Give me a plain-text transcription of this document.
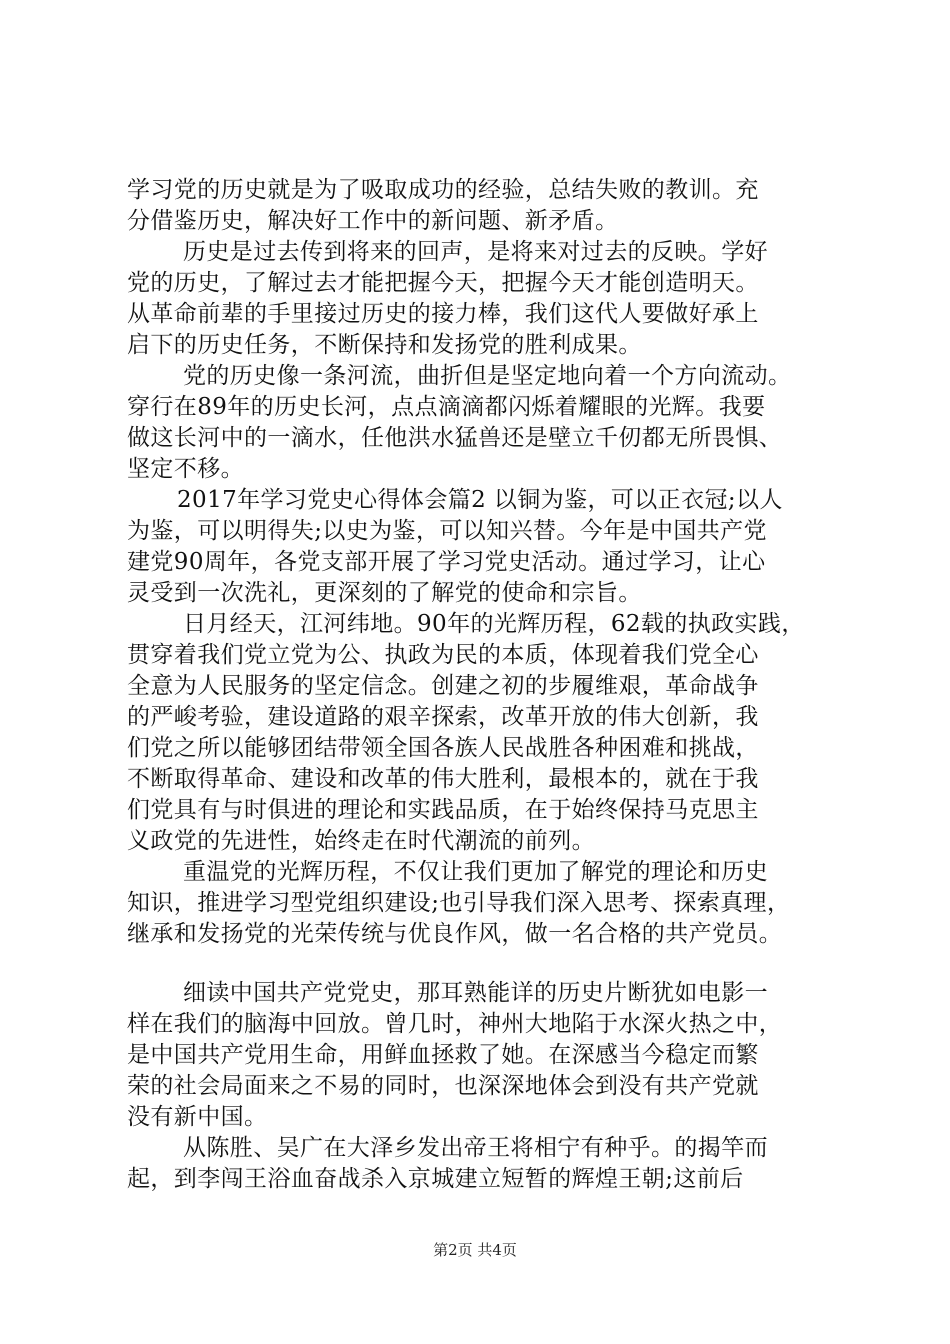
学习党的历史就是为了吸取成功的经验，总结失败的教训。充

分借鉴历史，解决好工作中的新问题、新矛盾。

历史是过去传到将来的回声，是将来对过去的反映。学好

党的历史，了解过去才能把握今天，把握今天才能创造明天。

从革命前辈的手里接过历史的接力棒，我们这代人要做好承上

启下的历史任务，不断保持和发扬党的胜利成果。

党的历史像一条河流，曲折但是坚定地向着一个方向流动。

穿行在89年的历史长河，点点滴滴都闪烁着耀眼的光辉。我要

做这长河中的一滴水，任他洪水猛兽还是壁立千仞都无所畏惧、

坚定不移。

2017年学习党史心得体会篇2 以铜为鉴，可以正衣冠;以人

为鉴，可以明得失;以史为鉴，可以知兴替。今年是中国共产党

建党90周年，各党支部开展了学习党史活动。通过学习，让心

灵受到一次洗礼，更深刻的了解党的使命和宗旨。

日月经天，江河纬地。90年的光辉历程，62载的执政实践，

贯穿着我们党立党为公、执政为民的本质，体现着我们党全心

全意为人民服务的坚定信念。创建之初的步履维艰，革命战争

的严峻考验，建设道路的艰辛探索，改革开放的伟大创新，我

们党之所以能够团结带领全国各族人民战胜各种困难和挑战，

不断取得革命、建设和改革的伟大胜利，最根本的，就在于我

们党具有与时俱进的理论和实践品质，在于始终保持马克思主

义政党的先进性，始终走在时代潮流的前列。

重温党的光辉历程，不仅让我们更加了解党的理论和历史

知识，推进学习型党组织建设;也引导我们深入思考、探索真理，

继承和发扬党的光荣传统与优良作风，做一名合格的共产党员。

细读中国共产党党史，那耳熟能详的历史片断犹如电影一

样在我们的脑海中回放。曾几时，神州大地陷于水深火热之中，

是中国共产党用生命，用鲜血拯救了她。在深感当今稳定而繁

荣的社会局面来之不易的同时，也深深地体会到没有共产党就

没有新中国。

从陈胜、吴广在大泽乡发出帝王将相宁有种乎。的揭竿而

起，到李闯王浴血奋战杀入京城建立短暂的辉煌王朝;这前后

第2页 共4页
